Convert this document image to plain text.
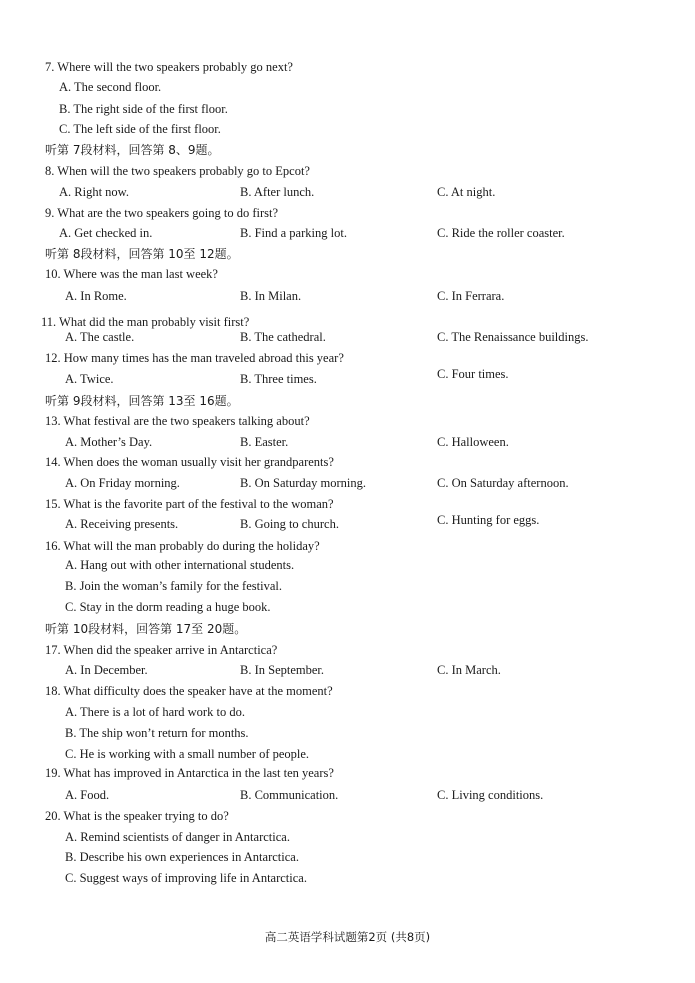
7. Where will the two speakers probably go next?
A. The second floor.
B. The right side of the first floor.
C. The left side of the first floor.
听第 7段材料，回答第 8、9题。
8. When will the two speakers probably go to Epcot?
A. Right now.	B. After lunch.	C. At night.
9. What are the two speakers going to do first?
A. Get checked in.	B. Find a parking lot.	C. Ride the roller coaster.
听第 8段材料，回答第 10至 12题。
10. Where was the man last week?
A. In Rome.	B. In Milan.	C. In Ferrara.
11. What did the man probably visit first?
A. The castle.	B. The cathedral.	C. The Renaissance buildings.
12. How many times has the man traveled abroad this year?
A. Twice.	B. Three times.	C. Four times.
听第 9段材料，回答第 13至 16题。
13. What festival are the two speakers talking about?
A. Mother’s Day.	B. Easter.	C. Halloween.
14. When does the woman usually visit her grandparents?
A. On Friday morning.	B. On Saturday morning.	C. On Saturday afternoon.
15. What is the favorite part of the festival to the woman?
A. Receiving presents.	B. Going to church.	C. Hunting for eggs.
16. What will the man probably do during the holiday?
A. Hang out with other international students.
B. Join the woman’s family for the festival.
C. Stay in the dorm reading a huge book.
听第 10段材料，回答第 17至 20题。
17. When did the speaker arrive in Antarctica?
A. In December.	B. In September.	C. In March.
18. What difficulty does the speaker have at the moment?
A. There is a lot of hard work to do.
B. The ship won’t return for months.
C. He is working with a small number of people.
19. What has improved in Antarctica in the last ten years?
A. Food.	B. Communication.	C. Living conditions.
20. What is the speaker trying to do?
A. Remind scientists of danger in Antarctica.
B. Describe his own experiences in Antarctica.
C. Suggest ways of improving life in Antarctica.
高二英语学科试题第2页 (共8页)
